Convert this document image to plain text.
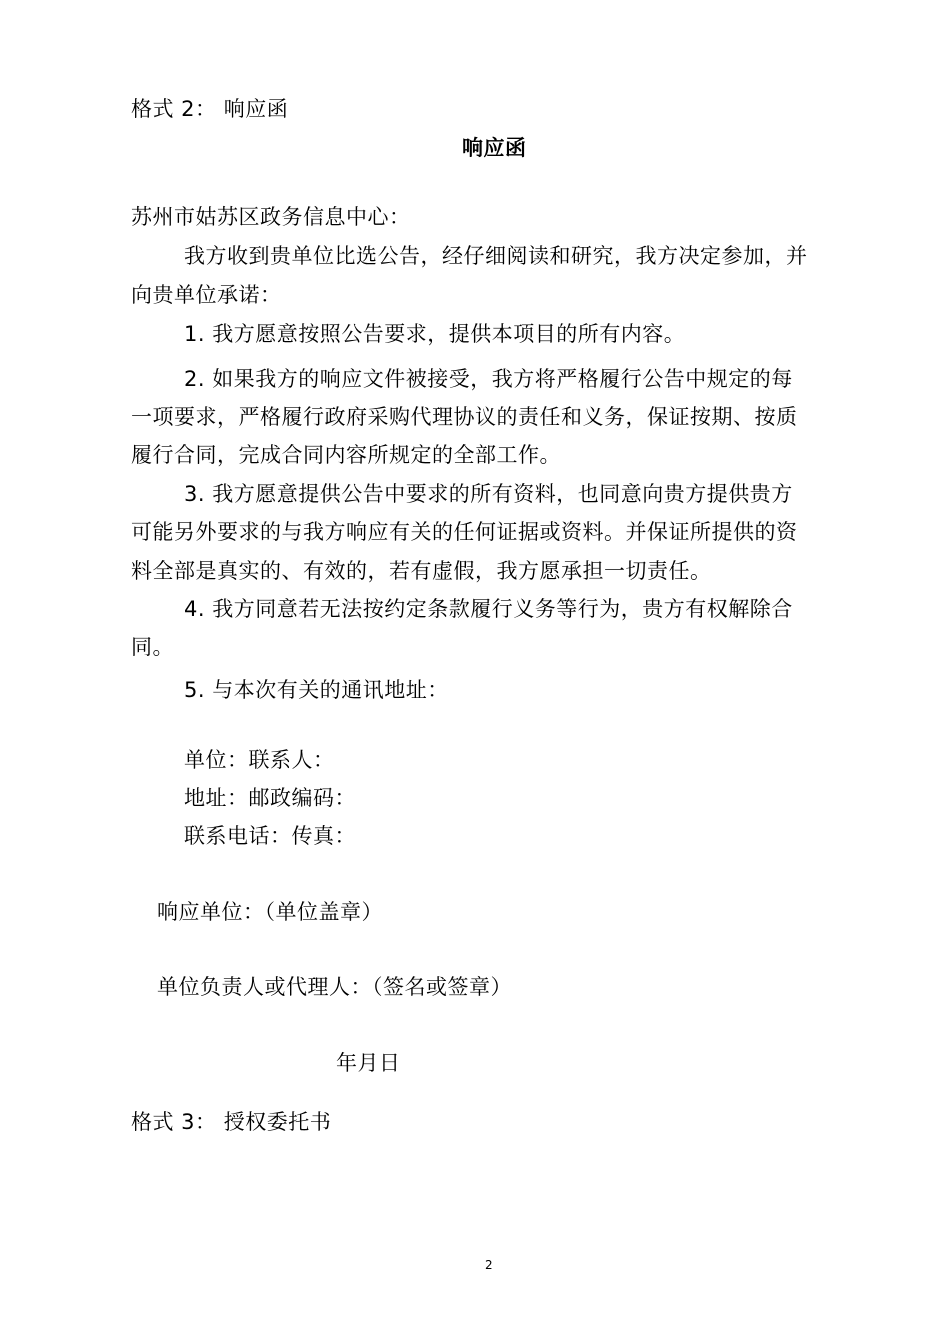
格式 2： 响应函
响应函
苏州市姑苏区政务信息中心：
我方收到贵单位比选公告，经仔细阅读和研究，我方决定参加，并
向贵单位承诺：
1. 我方愿意按照公告要求，提供本项目的所有内容。
2. 如果我方的响应文件被接受，我方将严格履行公告中规定的每
一项要求，严格履行政府采购代理协议的责任和义务，保证按期、按质
履行合同，完成合同内容所规定的全部工作。
3. 我方愿意提供公告中要求的所有资料，也同意向贵方提供贵方
可能另外要求的与我方响应有关的任何证据或资料。并保证所提供的资
料全部是真实的、有效的，若有虚假，我方愿承担一切责任。
4. 我方同意若无法按约定条款履行义务等行为，贵方有权解除合
同。
5. 与本次有关的通讯地址：
单位：联系人：
地址：邮政编码：
联系电话：传真：
响应单位：（单位盖章）
单位负责人或代理人：（签名或签章）
年月日
格式 3： 授权委托书
2
